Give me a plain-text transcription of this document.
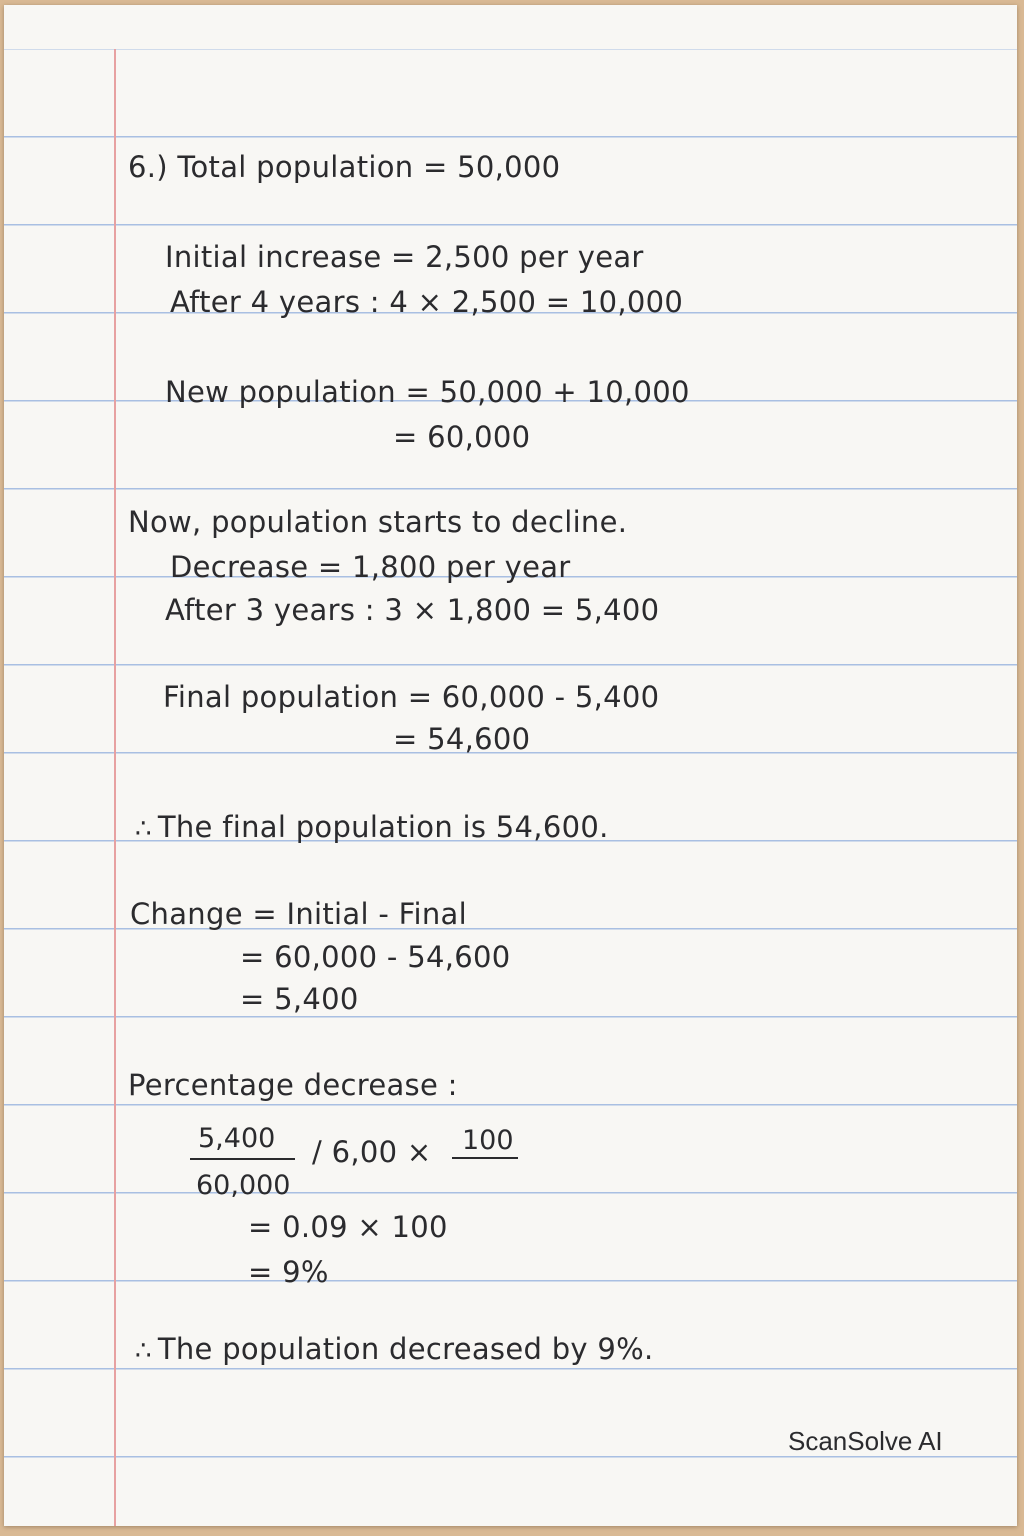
6.) Total population = 50,000
Initial increase = 2,500 per year
After 4 years : 4 × 2,500 = 10,000
New population = 50,000 + 10,000
= 60,000
Now, population starts to decline.
Decrease = 1,800 per year
After 3 years : 3 × 1,800 = 5,400
Final population = 60,000 - 5,400
= 54,600
∴ The final population is 54,600.
Change = Initial - Final
= 60,000 - 54,600
= 5,400
Percentage decrease :
5,400
60,000
/ 6,00 × 100
= 0.09 × 100
= 9%
∴ The population decreased by 9%.
ScanSolve AI
